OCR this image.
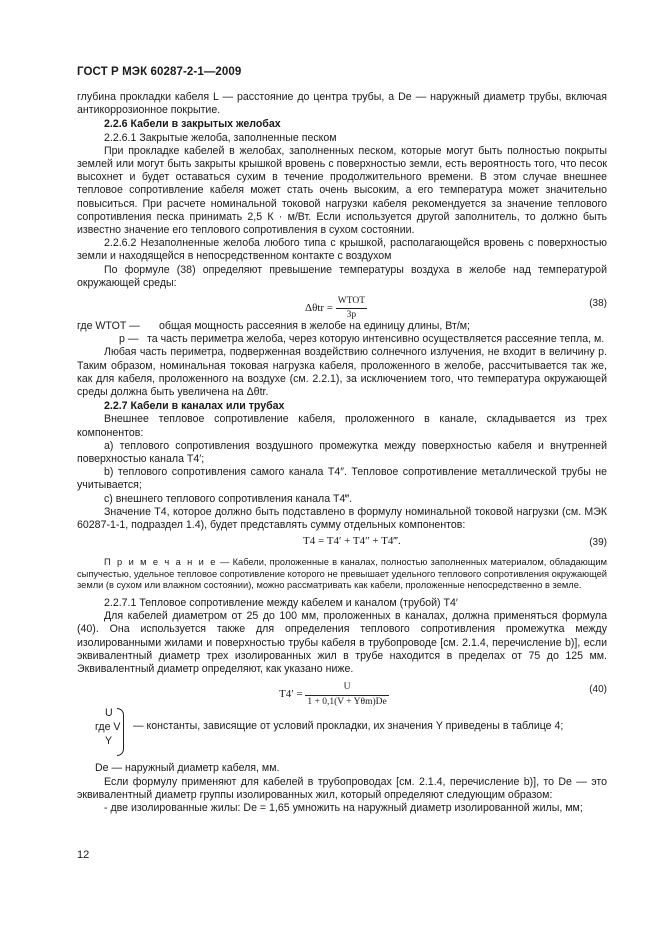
ГОСТ Р МЭК 60287-2-1—2009

глубина прокладки кабеля L — расстояние до центра трубы, а De — наружный диаметр трубы, включая антикоррозионное покрытие.

2.2.6 Кабели в закрытых желобах

2.2.6.1 Закрытые желоба, заполненные песком

При прокладке кабелей в желобах, заполненных песком, которые могут быть полностью покрыты землей или могут быть закрыты крышкой вровень с поверхностью земли, есть вероятность того, что песок высохнет и будет оставаться сухим в течение продолжительного времени. В этом случае внешнее тепловое сопротивление кабеля может стать очень высоким, а его температура может значительно повыситься. При расчете номинальной токовой нагрузки кабеля рекомендуется за значение теплового сопротивления песка принимать 2,5 К · м/Вт. Если используется другой заполнитель, то должно быть известно значение его теплового сопротивления в сухом состоянии.

2.2.6.2 Незаполненные желоба любого типа с крышкой, располагающейся вровень с поверхностью земли и находящейся в непосредственном контакте с воздухом

По формуле (38) определяют превышение температуры воздуха в желобе над температурой окружающей среды:

$\Delta\theta tr = \frac{\text{WTOT}}{3p}$	(38)
где WTOT —	общая мощность рассеяния в желобе на единицу длины, Вт/м;

p — та часть периметра желоба, через которую интенсивно осуществляется рассеяние тепла, м.

Любая часть периметра, подверженная воздействию солнечного излучения, не входит в величину p. Таким образом, номинальная токовая нагрузка кабеля, проложенного в желобе, рассчитывается так же, как для кабеля, проложенного на воздухе (см. 2.2.1), за исключением того, что температура окружающей среды должна быть увеличена на Δθtr.

2.2.7 Кабели в каналах или трубах

Внешнее тепловое сопротивление кабеля, проложенного в канале, складывается из трех компонентов:

a) теплового сопротивления воздушного промежутка между поверхностью кабеля и внутренней поверхностью канала T4′;

b) теплового сопротивления самого канала T4″. Тепловое сопротивление металлической трубы не учитывается;

c) внешнего теплового сопротивления канала T4‴.

Значение T4, которое должно быть подставлено в формулу номинальной токовой нагрузки (см. МЭК 60287-1-1, подраздел 1.4), будет представлять сумму отдельных компонентов:

T4 = T4′ + T4″ + T4‴.	(39)

П р и м е ч а н и е — Кабели, проложенные в каналах, полностью заполненных материалом, обладающим сыпучестью, удельное тепловое сопротивление которого не превышает удельного теплового сопротивления окружающей земли (в сухом или влажном состоянии), можно рассматривать как кабели, проложенные непосредственно в земле.

2.2.7.1 Тепловое сопротивление между кабелем и каналом (трубой) T4′

Для кабелей диаметром от 25 до 100 мм, проложенных в каналах, должна применяться формула (40). Она используется также для определения теплового сопротивления промежутка между изолированными жилами и поверхностью трубы кабеля в трубопроводе [см. 2.1.4, перечисление b)], если эквивалентный диаметр трех изолированных жил в трубе находится в пределах от 75 до 125 мм. Эквивалентный диаметр определяют, как указано ниже.

$T4' = \frac{U}{\text{1 + 0,1(V + Yθm)De}}$	(40)
U
где V
Y
— константы, зависящие от условий прокладки, их значения Y приведены в таблице 4;

De — наружный диаметр кабеля, мм.

Если формулу применяют для кабелей в трубопроводах [см. 2.1.4, перечисление b)], то De — это эквивалентный диаметр группы изолированных жил, который определяют следующим образом:

- две изолированные жилы: De = 1,65 умножить на наружный диаметр изолированной жилы, мм;

12
